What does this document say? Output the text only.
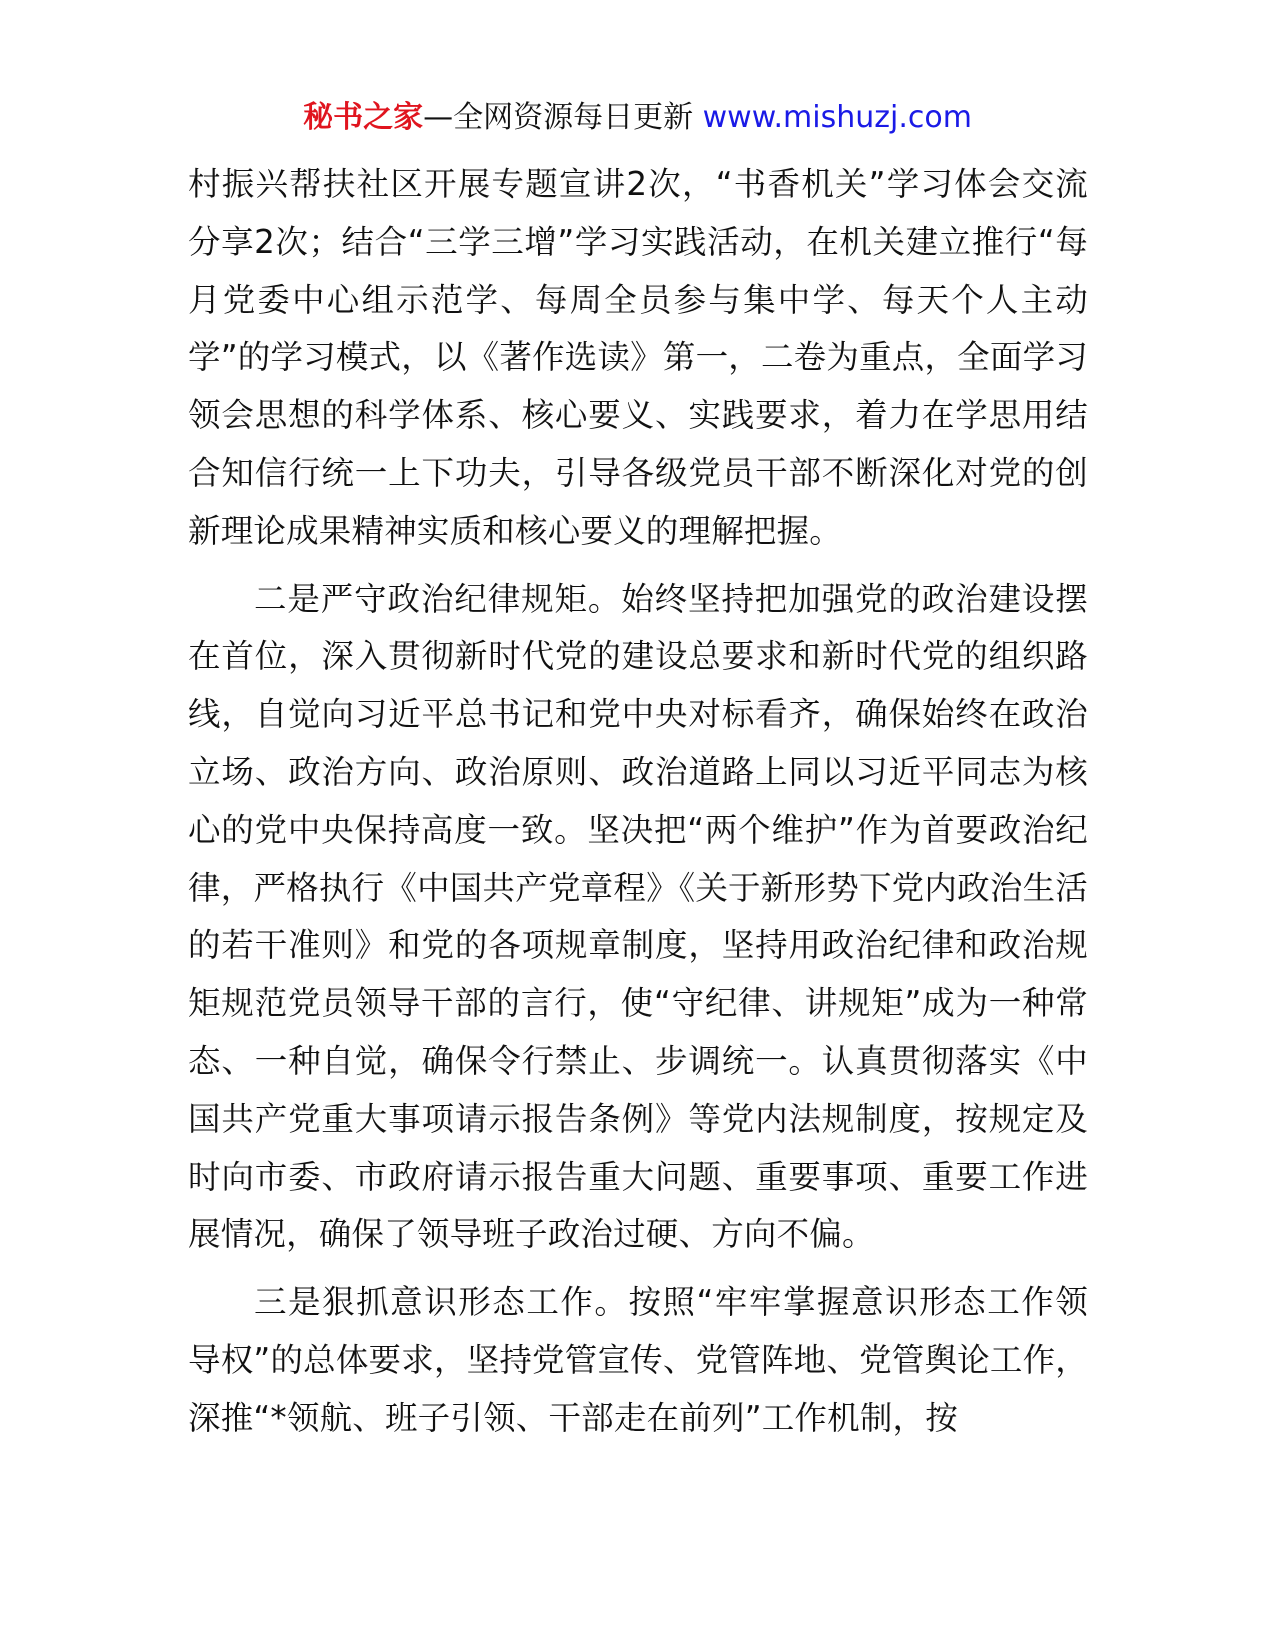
秘书之家—全网资源每日更新 www.mishuzj.com

村振兴帮扶社区开展专题宣讲2次，“书香机关”学习体会交流分享2次；结合“三学三增”学习实践活动，在机关建立推行“每月党委中心组示范学、每周全员参与集中学、每天个人主动学”的学习模式，以《著作选读》第一，二卷为重点，全面学习领会思想的科学体系、核心要义、实践要求，着力在学思用结合知信行统一上下功夫，引导各级党员干部不断深化对党的创新理论成果精神实质和核心要义的理解把握。

二是严守政治纪律规矩。始终坚持把加强党的政治建设摆在首位，深入贯彻新时代党的建设总要求和新时代党的组织路线，自觉向习近平总书记和党中央对标看齐，确保始终在政治立场、政治方向、政治原则、政治道路上同以习近平同志为核心的党中央保持高度一致。坚决把“两个维护”作为首要政治纪律，严格执行《中国共产党章程》《关于新形势下党内政治生活的若干准则》和党的各项规章制度，坚持用政治纪律和政治规矩规范党员领导干部的言行，使“守纪律、讲规矩”成为一种常态、一种自觉，确保令行禁止、步调统一。认真贯彻落实《中国共产党重大事项请示报告条例》等党内法规制度，按规定及时向市委、市政府请示报告重大问题、重要事项、重要工作进展情况，确保了领导班子政治过硬、方向不偏。

三是狠抓意识形态工作。按照“牢牢掌握意识形态工作领导权”的总体要求，坚持党管宣传、党管阵地、党管舆论工作，深推“*领航、班子引领、干部走在前列”工作机制，按
